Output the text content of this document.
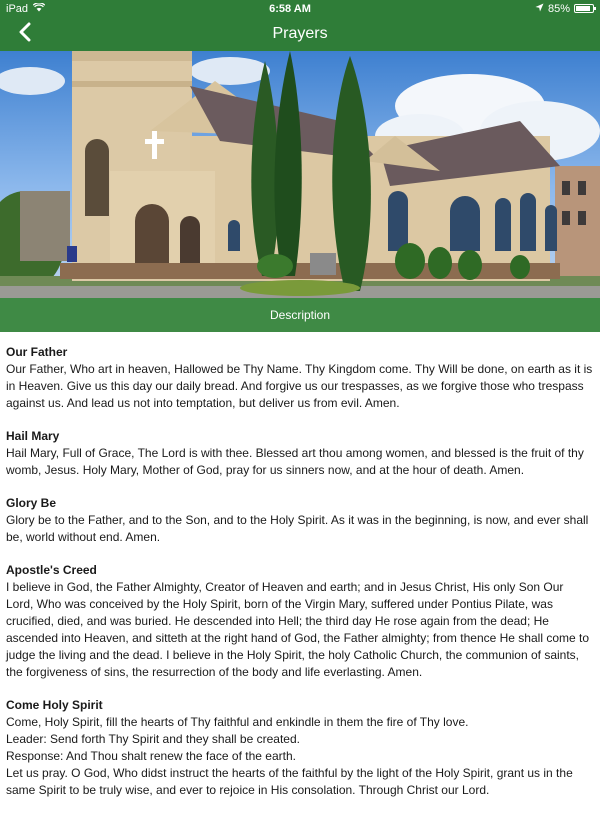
iPad	6:58 AM	85%
Prayers
Description
Our Father
Our Father, Who art in heaven, Hallowed be Thy Name. Thy Kingdom come. Thy Will be done, on earth as it is in Heaven. Give us this day our daily bread. And forgive us our trespasses, as we forgive those who trespass against us. And lead us not into temptation, but deliver us from evil. Amen.
Hail Mary
Hail Mary, Full of Grace, The Lord is with thee. Blessed art thou among women, and blessed is the fruit of thy womb, Jesus. Holy Mary, Mother of God, pray for us sinners now, and at the hour of death. Amen.
Glory Be
Glory be to the Father, and to the Son, and to the Holy Spirit. As it was in the beginning, is now, and ever shall be, world without end. Amen.
Apostle's Creed
I believe in God, the Father Almighty, Creator of Heaven and earth; and in Jesus Christ, His only Son Our Lord, Who was conceived by the Holy Spirit, born of the Virgin Mary, suffered under Pontius Pilate, was crucified, died, and was buried. He descended into Hell; the third day He rose again from the dead; He ascended into Heaven, and sitteth at the right hand of God, the Father almighty; from thence He shall come to judge the living and the dead. I believe in the Holy Spirit, the holy Catholic Church, the communion of saints, the forgiveness of sins, the resurrection of the body and life everlasting. Amen.
Come Holy Spirit
Come, Holy Spirit, fill the hearts of Thy faithful and enkindle in them the fire of Thy love.
Leader: Send forth Thy Spirit and they shall be created.
Response: And Thou shalt renew the face of the earth.
Let us pray. O God, Who didst instruct the hearts of the faithful by the light of the Holy Spirit, grant us in the same Spirit to be truly wise, and ever to rejoice in His consolation. Through Christ our Lord.
